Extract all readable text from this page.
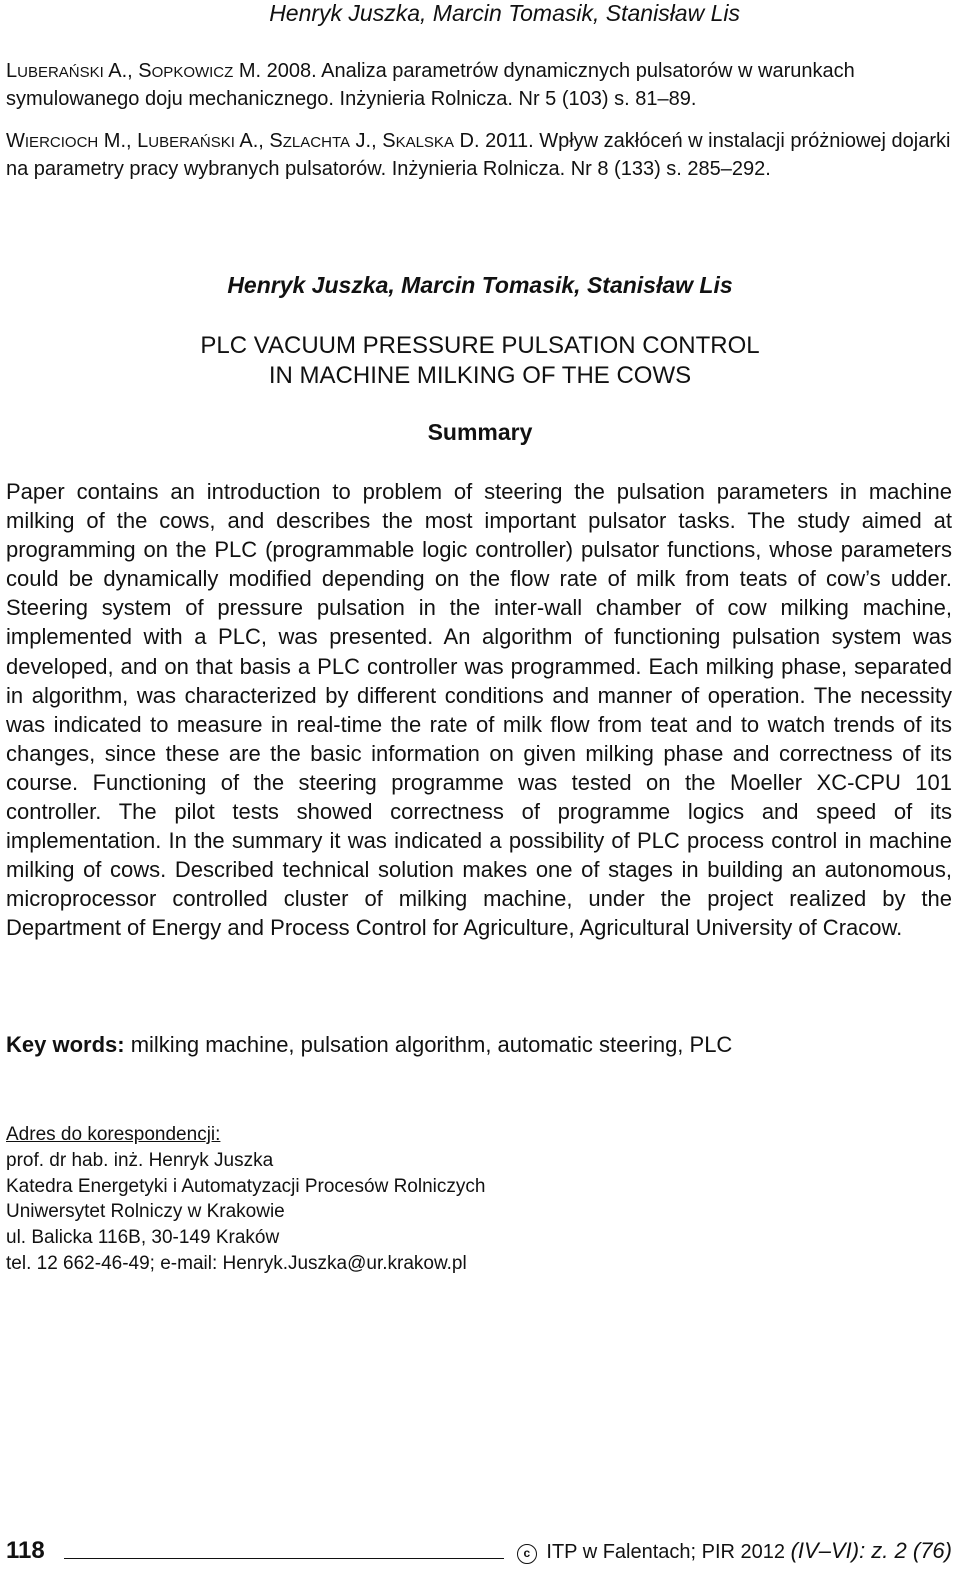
Henryk Juszka, Marcin Tomasik, Stanisław Lis

LUBERAŃSKI A., SOPKOWICZ M. 2008. Analiza parametrów dynamicznych pulsatorów w warunkach symulowanego doju mechanicznego. Inżynieria Rolnicza. Nr 5 (103) s. 81–89.

WIERCIOCH M., LUBERAŃSKI A., SZLACHTA J., SKALSKA D. 2011. Wpływ zakłóceń w instalacji próżniowej dojarki na parametry pracy wybranych pulsatorów. Inżynieria Rolnicza. Nr 8 (133) s. 285–292.

Henryk Juszka, Marcin Tomasik, Stanisław Lis
PLC VACUUM PRESSURE PULSATION CONTROL
IN MACHINE MILKING OF THE COWS
Summary

Paper contains an introduction to problem of steering the pulsation parameters in machine milking of the cows, and describes the most important pulsator tasks. The study aimed at programming on the PLC (programmable logic controller) pulsator functions, whose parameters could be dynamically modified depending on the flow rate of milk from teats of cow’s udder. Steering system of pressure pulsation in the inter-wall chamber of cow milking machine, implemented with a PLC, was presented. An algorithm of functioning pulsation system was developed, and on that basis a PLC controller was programmed. Each milking phase, separated in algorithm, was characterized by different conditions and manner of operation. The necessity was indicated to measure in real-time the rate of milk flow from teat and to watch trends of its changes, since these are the basic information on given milking phase and correctness of its course. Functioning of the steering programme was tested on the Moeller XC-CPU 101 controller. The pilot tests showed correctness of programme logics and speed of its implementation. In the summary it was indicated a possibility of PLC process control in machine milking of cows. Described technical solution makes one of stages in building an autonomous, microprocessor controlled cluster of milking machine, under the project realized by the Department of Energy and Process Control for Agriculture, Agricultural University of Cracow.

Key words: milking machine, pulsation algorithm, automatic steering, PLC

Adres do korespondencji:
prof. dr hab. inż. Henryk Juszka
Katedra Energetyki i Automatyzacji Procesów Rolniczych
Uniwersytet Rolniczy w Krakowie
ul. Balicka 116B, 30-149 Kraków
tel. 12 662-46-49; e-mail: Henryk.Juszka@ur.krakow.pl
118	c ITP w Falentach; PIR 2012 (IV–VI): z. 2 (76)
